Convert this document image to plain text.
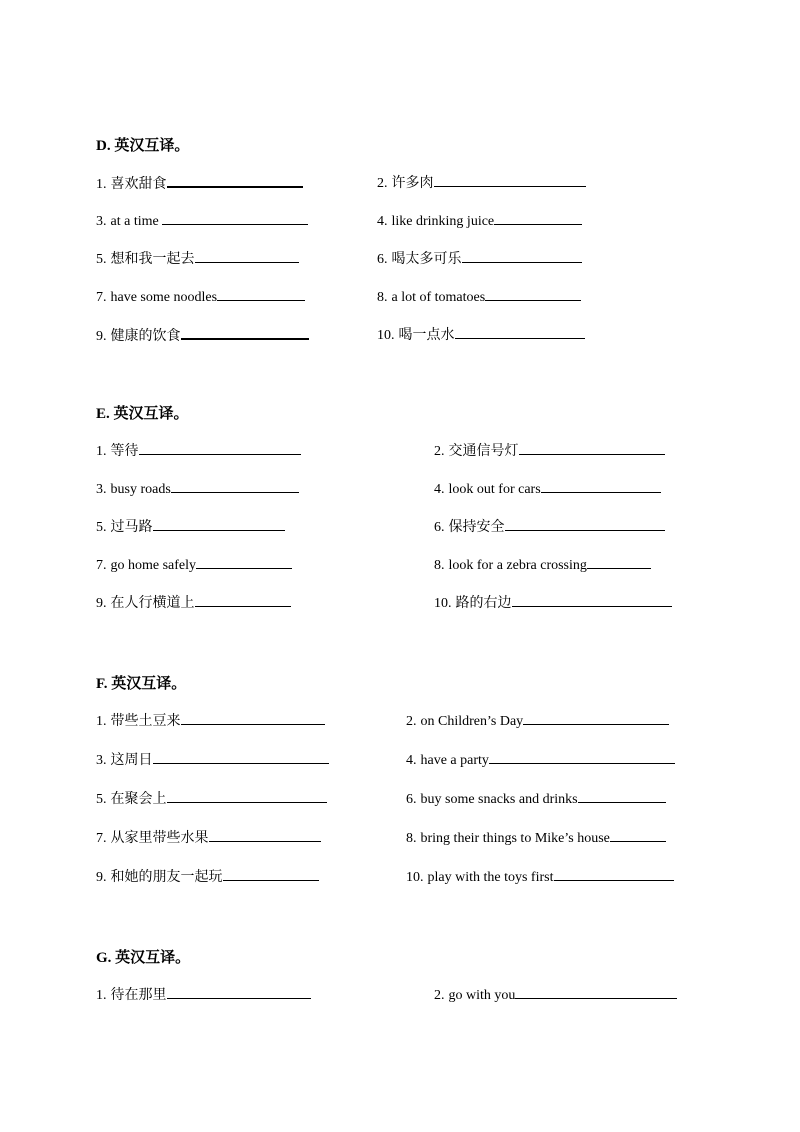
D. 英汉互译。
1. 喜欢甜食	2. 许多肉
3. at a time	4. like drinking juice
5. 想和我一起去	6. 喝太多可乐
7. have some noodles	8. a lot of tomatoes
9. 健康的饮食	10. 喝一点水
E. 英汉互译。
1. 等待	2. 交通信号灯
3. busy roads	4. look out for cars
5. 过马路	6. 保持安全
7. go home safely	8. look for a zebra crossing
9. 在人行横道上	10. 路的右边
F. 英汉互译。
1. 带些土豆来	2. on Children’s Day
3. 这周日	4. have a party
5. 在聚会上	6. buy some snacks and drinks
7. 从家里带些水果	8. bring their things to Mike’s house
9. 和她的朋友一起玩	10. play with the toys first
G. 英汉互译。
1. 待在那里	2. go with you
